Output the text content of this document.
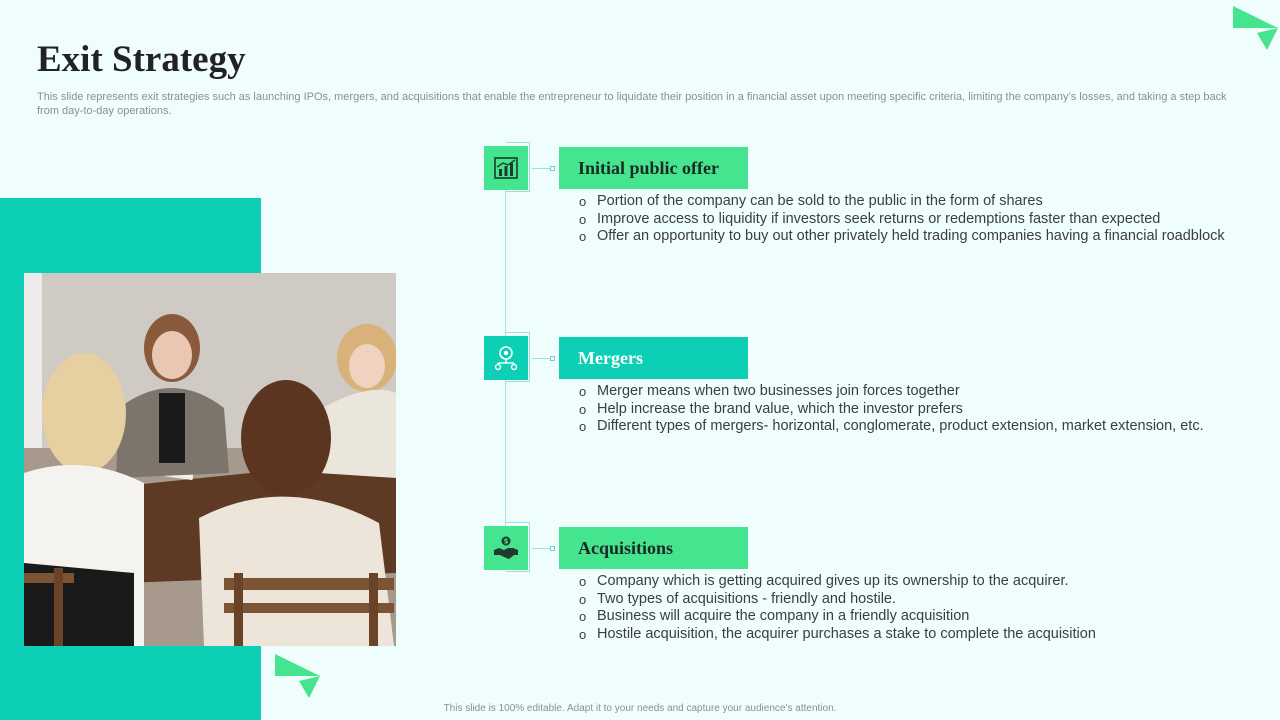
Exit Strategy

This slide represents exit strategies such as launching IPOs, mergers, and acquisitions that enable the entrepreneur to liquidate their position in a financial asset upon meeting specific criteria, limiting the company’s losses, and taking a step back from day-to-day operations.

Initial public offer
o Portion of the company can be sold to the public in the form of shares
o Improve access to liquidity if investors seek returns or redemptions faster than expected
o Offer an opportunity to buy out other privately held trading companies having a financial roadblock
Mergers
o Merger means when two businesses join forces together
o Help increase the brand value, which the investor prefers
o Different types of mergers- horizontal, conglomerate, product extension, market extension, etc.
$	Acquisitions
o Company which is getting acquired gives up its ownership to the acquirer.
o Two types of acquisitions - friendly and hostile.
o Business will acquire the company in a friendly acquisition
o Hostile acquisition, the acquirer purchases a stake to complete the acquisition
This slide is 100% editable. Adapt it to your needs and capture your audience’s attention.
